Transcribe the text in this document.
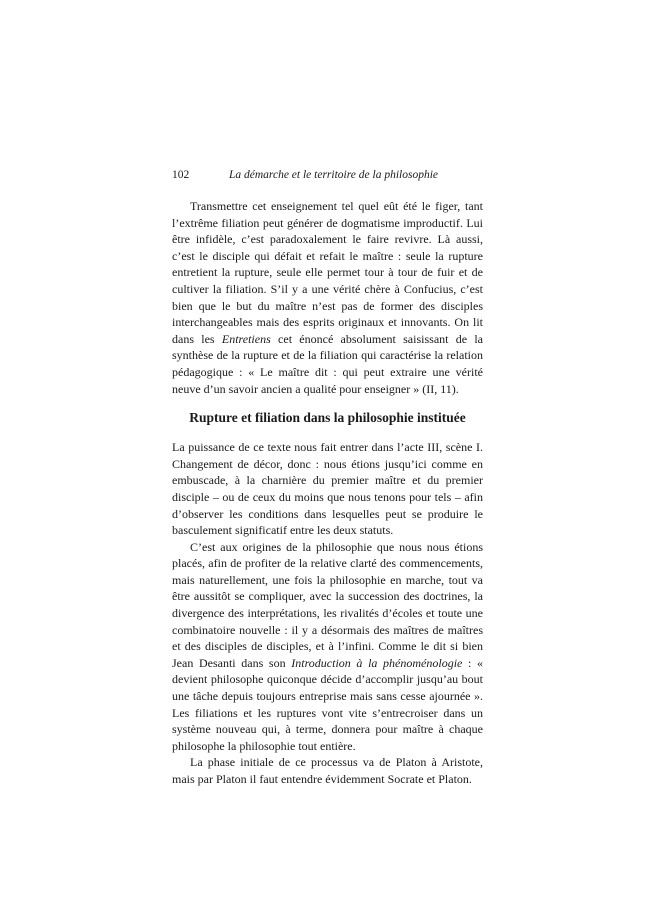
102	La démarche et le territoire de la philosophie

Transmettre cet enseignement tel quel eût été le figer, tant l’extrême filiation peut générer de dogmatisme improductif. Lui être infidèle, c’est paradoxalement le faire revivre. Là aussi, c’est le disciple qui défait et refait le maître : seule la rupture entretient la rupture, seule elle permet tour à tour de fuir et de cultiver la filiation. S’il y a une vérité chère à Confucius, c’est bien que le but du maître n’est pas de former des disciples interchangeables mais des esprits originaux et innovants. On lit dans les Entretiens cet énoncé absolument saisissant de la synthèse de la rupture et de la filiation qui caractérise la relation pédagogique : « Le maître dit : qui peut extraire une vérité neuve d’un savoir ancien a qualité pour enseigner » (II, 11).

Rupture et filiation dans la philosophie instituée

La puissance de ce texte nous fait entrer dans l’acte III, scène I. Changement de décor, donc : nous étions jusqu’ici comme en embuscade, à la charnière du premier maître et du premier disciple – ou de ceux du moins que nous tenons pour tels – afin d’observer les conditions dans lesquelles peut se produire le basculement significatif entre les deux statuts.

C’est aux origines de la philosophie que nous nous étions placés, afin de profiter de la relative clarté des commencements, mais naturellement, une fois la philosophie en marche, tout va être aussitôt se compliquer, avec la succession des doctrines, la divergence des interprétations, les rivalités d’écoles et toute une combinatoire nouvelle : il y a désormais des maîtres de maîtres et des disciples de disciples, et à l’infini. Comme le dit si bien Jean Desanti dans son Introduction à la phénoménologie : « devient philosophe quiconque décide d’accomplir jusqu’au bout une tâche depuis toujours entreprise mais sans cesse ajournée ». Les filiations et les ruptures vont vite s’entrecroiser dans un système nouveau qui, à terme, donnera pour maître à chaque philosophe la philosophie tout entière.

La phase initiale de ce processus va de Platon à Aristote, mais par Platon il faut entendre évidemment Socrate et Platon.
